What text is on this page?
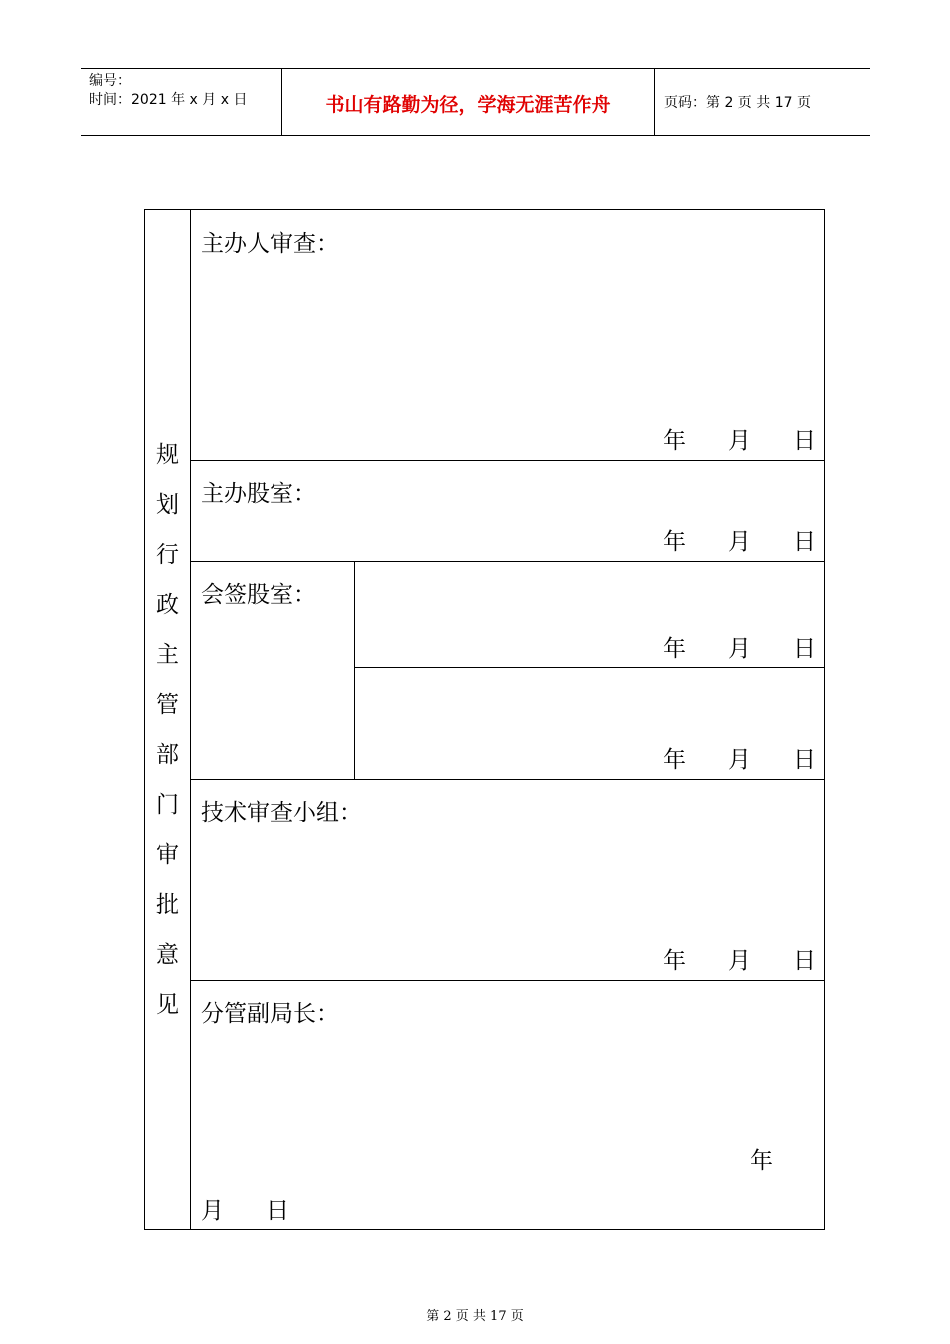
编号：
时间：2021 年 x 月 x 日	书山有路勤为径，学海无涯苦作舟	页码：第 2 页 共 17 页
规
划
行
政
主
管
部
门
审
批
意
见
主办人审查：
主办股室：
会签股室：
技术审查小组：
分管副局长：
年 月 日
年 月 日
年 月 日
年 月 日
年 月 日
年
月 日
第 2 页 共 17 页
